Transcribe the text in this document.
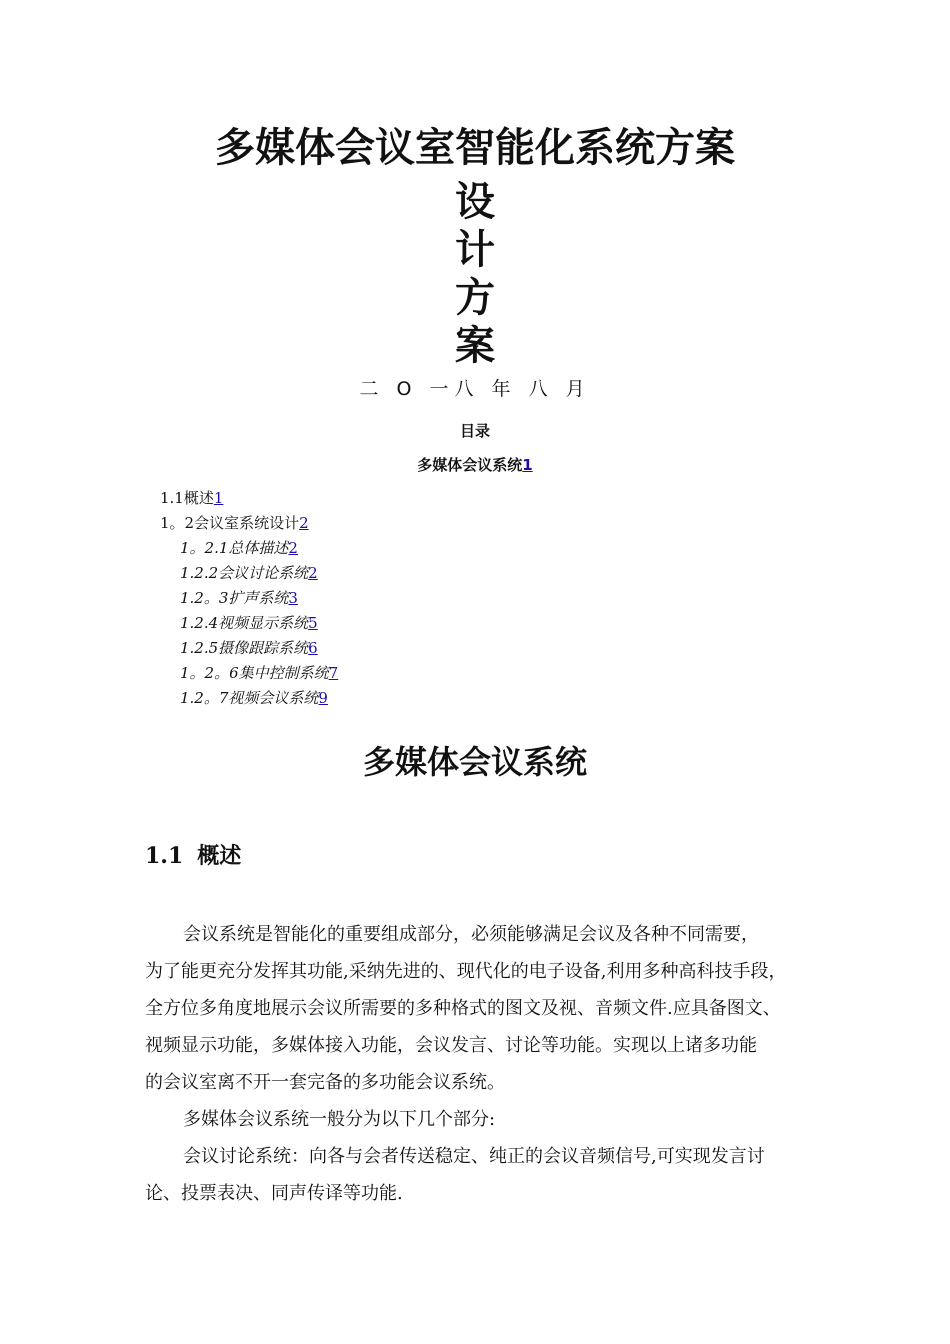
多媒体会议室智能化系统方案

设

计

方

案

二 O 一八 年 八 月
目录
多媒体会议系统1
1.1概述1
1。2会议室系统设计2
1。2.1总体描述2
1.2.2会议讨论系统2
1.2。3扩声系统3
1.2.4视频显示系统5
1.2.5摄像跟踪系统6
1。2。6集中控制系统7
1.2。7视频会议系统9
多媒体会议系统
1.1 概述

会议系统是智能化的重要组成部分，必须能够满足会议及各种不同需要，
为了能更充分发挥其功能,采纳先进的、现代化的电子设备,利用多种高科技手段，
全方位多角度地展示会议所需要的多种格式的图文及视、音频文件.应具备图文、
视频显示功能，多媒体接入功能，会议发言、讨论等功能。实现以上诸多功能
的会议室离不开一套完备的多功能会议系统。

多媒体会议系统一般分为以下几个部分:

会议讨论系统：向各与会者传送稳定、纯正的会议音频信号,可实现发言讨
论、投票表决、同声传译等功能.
